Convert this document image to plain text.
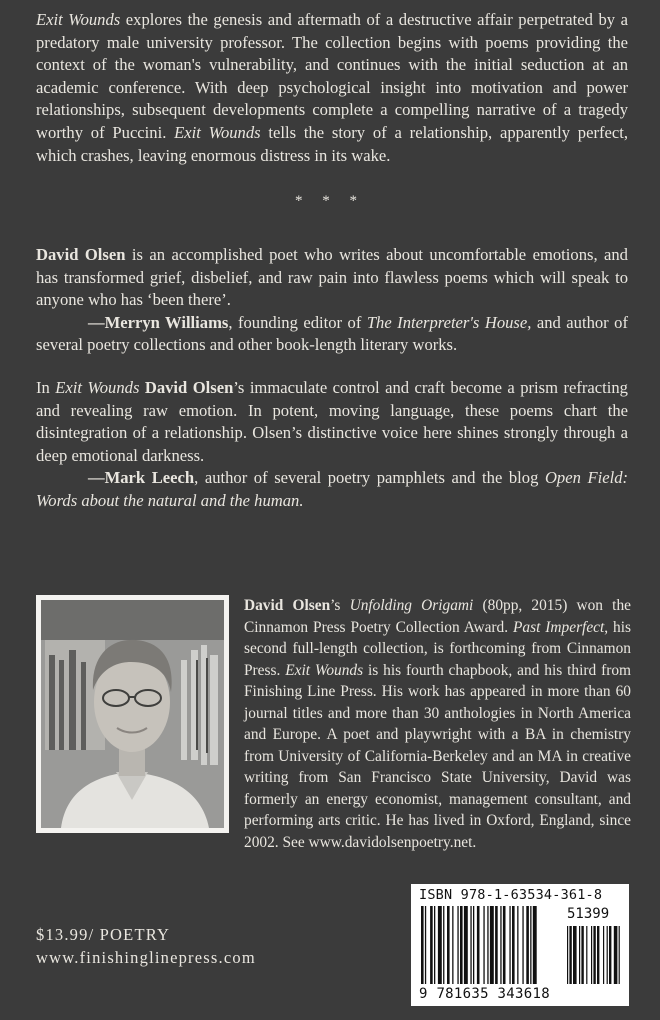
Exit Wounds explores the genesis and aftermath of a destructive affair perpetrated by a predatory male university professor. The collection begins with poems providing the context of the woman's vulnerability, and continues with the initial seduction at an academic conference. With deep psychological insight into motivation and power relationships, subsequent developments complete a compelling narrative of a tragedy worthy of Puccini. Exit Wounds tells the story of a relationship, apparently perfect, which crashes, leaving enormous distress in its wake.

* * *

David Olsen is an accomplished poet who writes about uncomfortable emotions, and has transformed grief, disbelief, and raw pain into flawless poems which will speak to anyone who has ‘been there’.

—Merryn Williams, founding editor of The Interpreter's House, and author of several poetry collections and other book-length literary works.

In Exit Wounds David Olsen’s immaculate control and craft become a prism refracting and revealing raw emotion. In potent, moving language, these poems chart the disintegration of a relationship. Olsen’s distinctive voice here shines strongly through a deep emotional darkness.

—Mark Leech, author of several poetry pamphlets and the blog Open Field: Words about the natural and the human.

David Olsen’s Unfolding Origami (80pp, 2015) won the Cinnamon Press Poetry Collection Award. Past Imperfect, his second full-length collection, is forthcoming from Cinnamon Press. Exit Wounds is his fourth chapbook, and his third from Finishing Line Press. His work has appeared in more than 60 journal titles and more than 30 anthologies in North America and Europe. A poet and playwright with a BA in chemistry from University of California-Berkeley and an MA in creative writing from San Francisco State University, David was formerly an energy economist, management consultant, and performing arts critic. He has lived in Oxford, England, since 2002. See www.davidolsenpoetry.net.
$13.99/ POETRY
www.finishinglinepress.com
ISBN 978-1-63534-361-8
51399
9 781635 343618
